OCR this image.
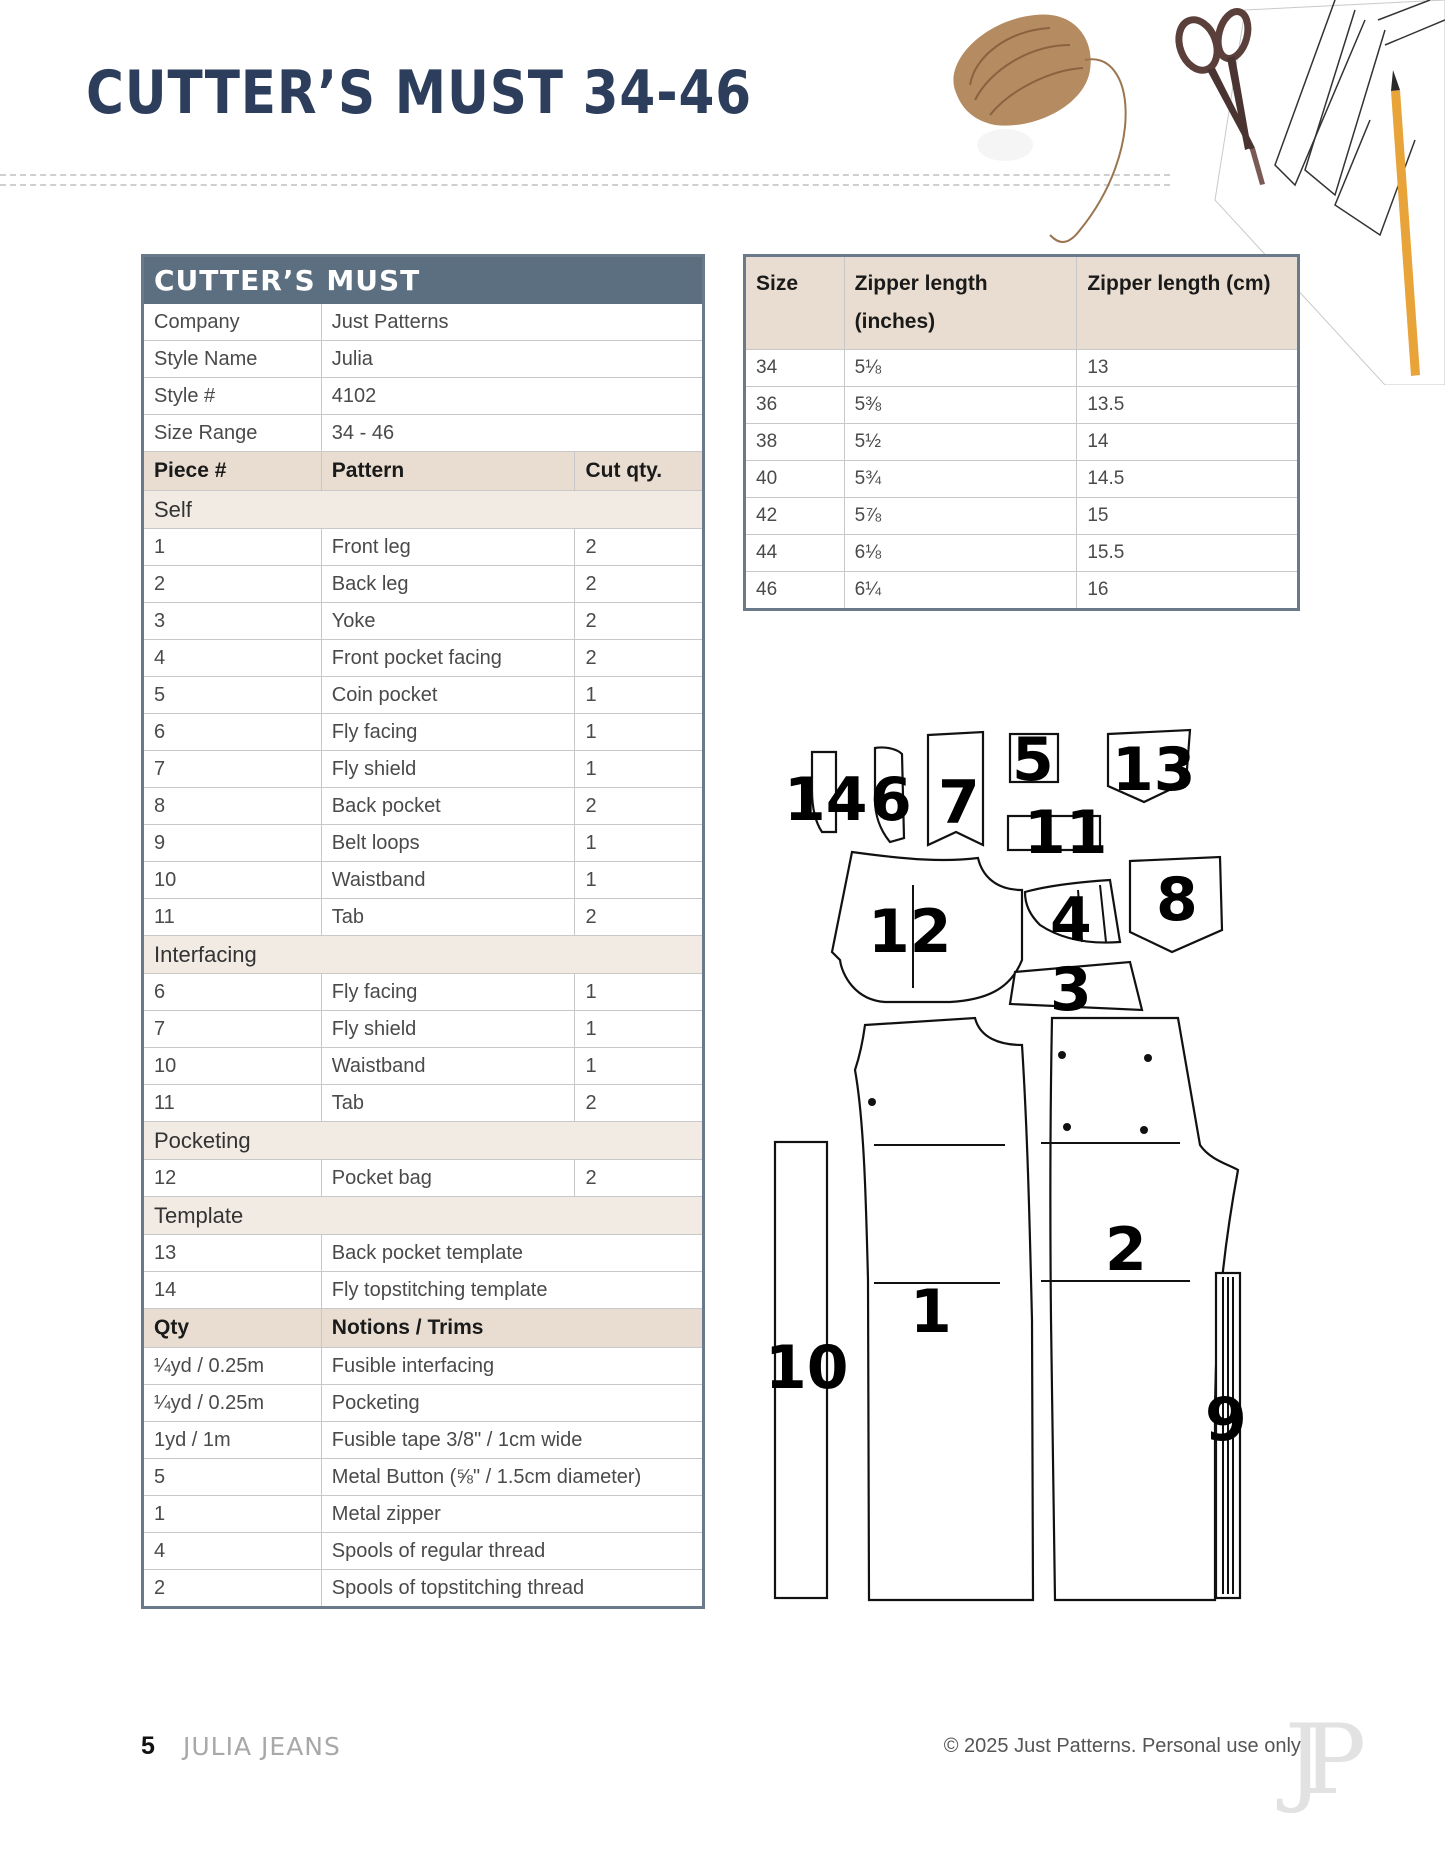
CUTTER’S MUST 34-46
CUTTER’S MUST		
Company	Just Patterns	
Style Name	Julia	
Style #	4102	
Size Range	34 - 46	
Piece #	Pattern	Cut qty.
Self		
1	Front leg	2
2	Back leg	2
3	Yoke	2
4	Front pocket facing	2
5	Coin pocket	1
6	Fly facing	1
7	Fly shield	1
8	Back pocket	2
9	Belt loops	1
10	Waistband	1
11	Tab	2
Interfacing		
6	Fly facing	1
7	Fly shield	1
10	Waistband	1
11	Tab	2
Pocketing		
12	Pocket bag	2
Template		
13	Back pocket template	
14	Fly topstitching template	
Qty	Notions / Trims	
¼yd / 0.25m	Fusible interfacing	
¼yd / 0.25m	Pocketing	
1yd / 1m	Fusible tape 3/8" / 1cm wide	
5	Metal Button (⅝" / 1.5cm diameter)	
1	Metal zipper	
4	Spools of regular thread	
2	Spools of topstitching thread	
Size	Zipper length (inches)	Zipper length (cm)
34	5⅛	13
36	5⅜	13.5
38	5½	14
40	5¾	14.5
42	5⅞	15
44	6⅛	15.5
46	6¼	16
14 6 7
5 13
11
12 4 8
3
1
2
10
9
5 JULIA JEANS	© 2025 Just Patterns. Personal use only.
JP
